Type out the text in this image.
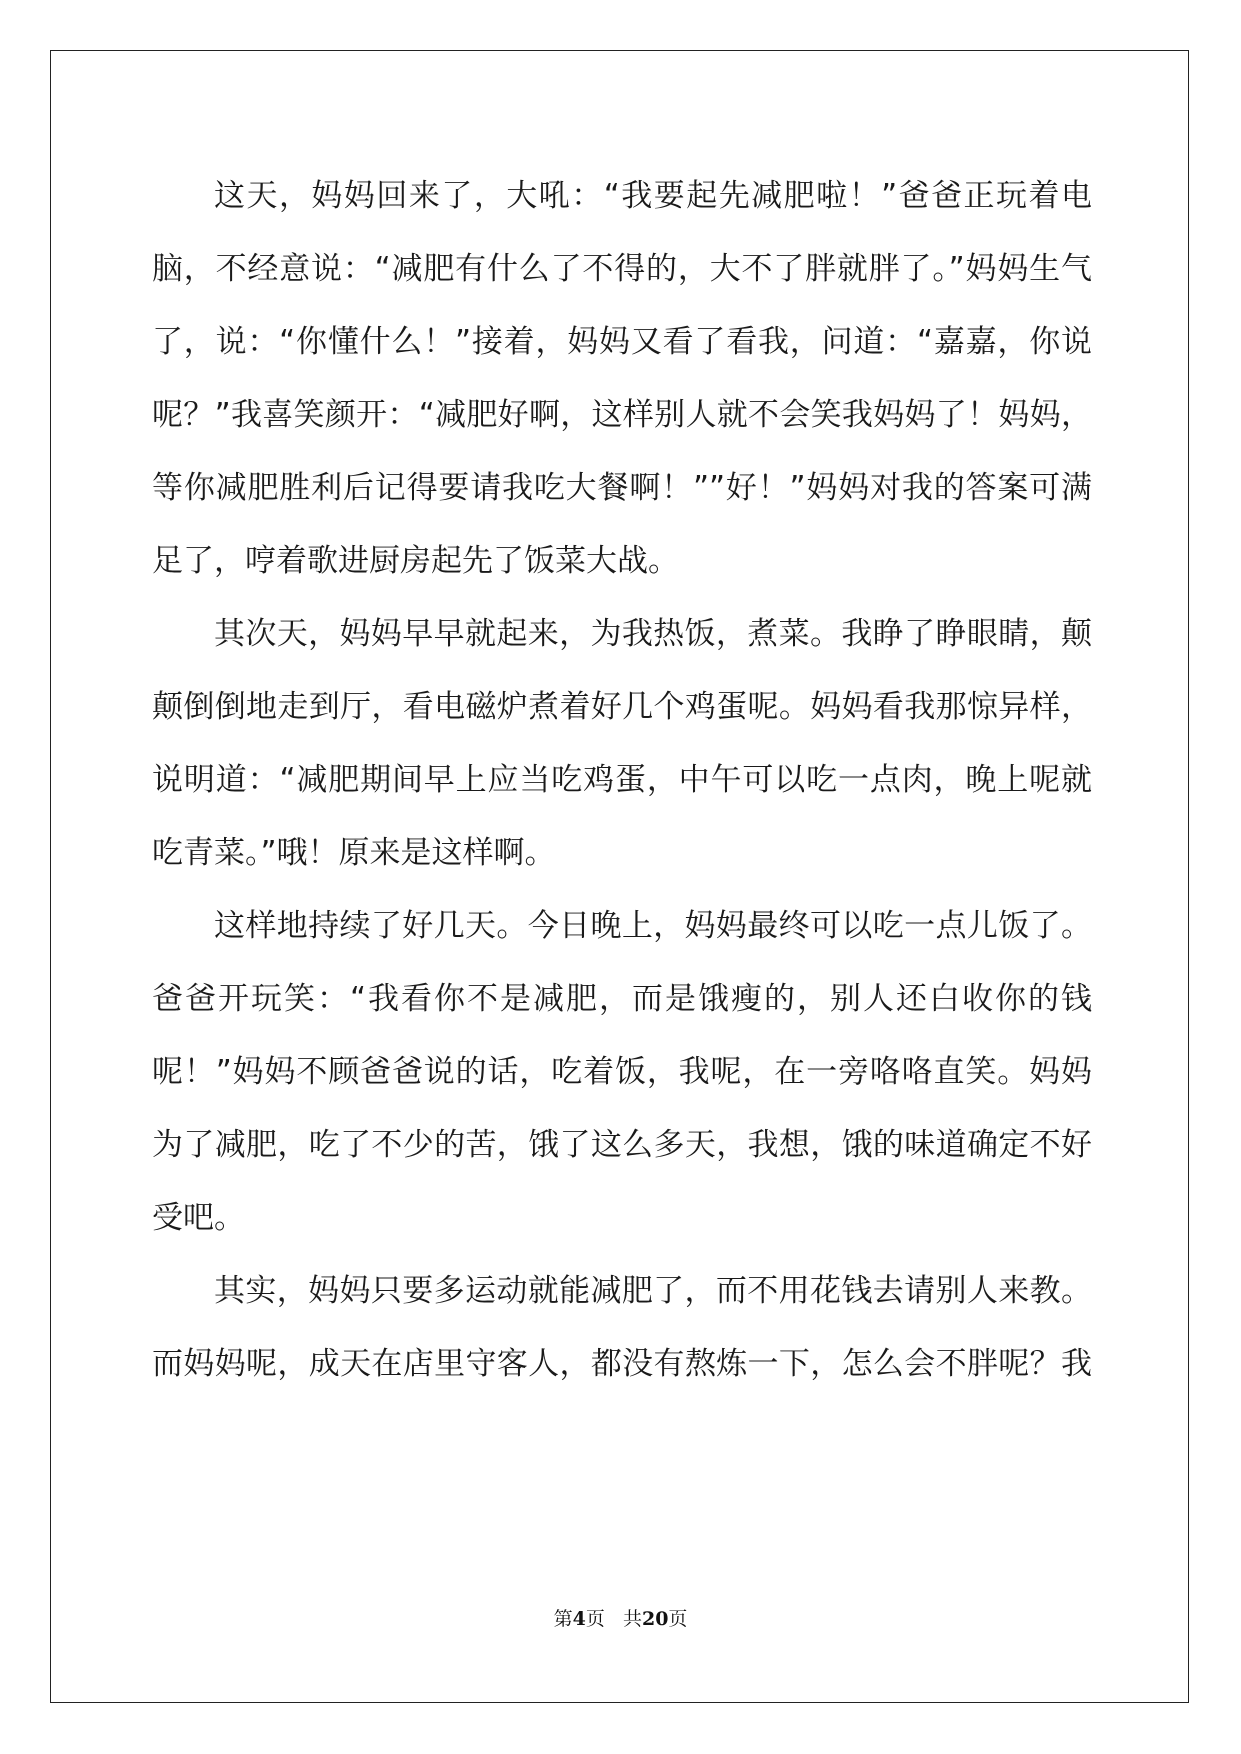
这天，妈妈回来了，大吼：“我要起先减肥啦！”爸爸正玩着电脑，不经意说：“减肥有什么了不得的，大不了胖就胖了。”妈妈生气了，说：“你懂什么！”接着，妈妈又看了看我，问道：“嘉嘉，你说呢？”我喜笑颜开：“减肥好啊，这样别人就不会笑我妈妈了！妈妈，等你减肥胜利后记得要请我吃大餐啊！””好！”妈妈对我的答案可满足了，哼着歌进厨房起先了饭菜大战。

其次天，妈妈早早就起来，为我热饭，煮菜。我睁了睁眼睛，颠颠倒倒地走到厅，看电磁炉煮着好几个鸡蛋呢。妈妈看我那惊异样，说明道：“减肥期间早上应当吃鸡蛋，中午可以吃一点肉，晚上呢就吃青菜。”哦！原来是这样啊。

这样地持续了好几天。今日晚上，妈妈最终可以吃一点儿饭了。爸爸开玩笑：“我看你不是减肥，而是饿瘦的，别人还白收你的钱呢！”妈妈不顾爸爸说的话，吃着饭，我呢，在一旁咯咯直笑。妈妈为了减肥，吃了不少的苦，饿了这么多天，我想，饿的味道确定不好受吧。

其实，妈妈只要多运动就能减肥了，而不用花钱去请别人来教。而妈妈呢，成天在店里守客人，都没有熬炼一下，怎么会不胖呢？我

第4页 共20页
